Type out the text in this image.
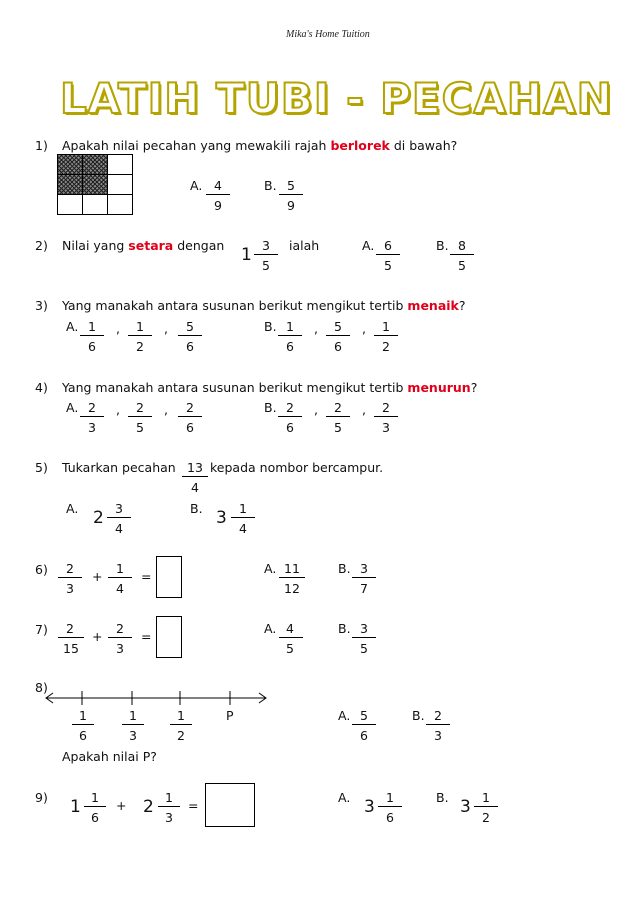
Mika's Home Tuition
LATIH TUBI - PECAHAN
1) Apakah nilai pecahan yang mewakili rajah berlorek di bawah?
A. 4
9
B. 5
9
2) Nilai yang setara dengan 1 3
5
ialah	A. 6
5
B. 8
5
3) Yang manakah antara susunan berikut mengikut tertib menaik?
A. 1
6
, 1
2
, 5
6
B. 1
6
, 5
6
, 1
2
4) Yang manakah antara susunan berikut mengikut tertib menurun?
A. 2
3
, 2
5
, 2
6
B. 2
6
, 2
5
, 2
3
5) Tukarkan pecahan 13
4
kepada nombor bercampur.
A. 2 3
4
B. 3 1
4
6) 2
3
+
1
4
=
A. 11
12
B. 3
7
7) 2
15
+
2
3
=
A. 4
5
B. 3
5
8)
1
6
1
3
1
2
P
Apakah nilai P?
A. 5
6
B. 2
3
9) 1 1
6
+ 2 1
3
=
A. 3 1
6
B. 3 1
2
